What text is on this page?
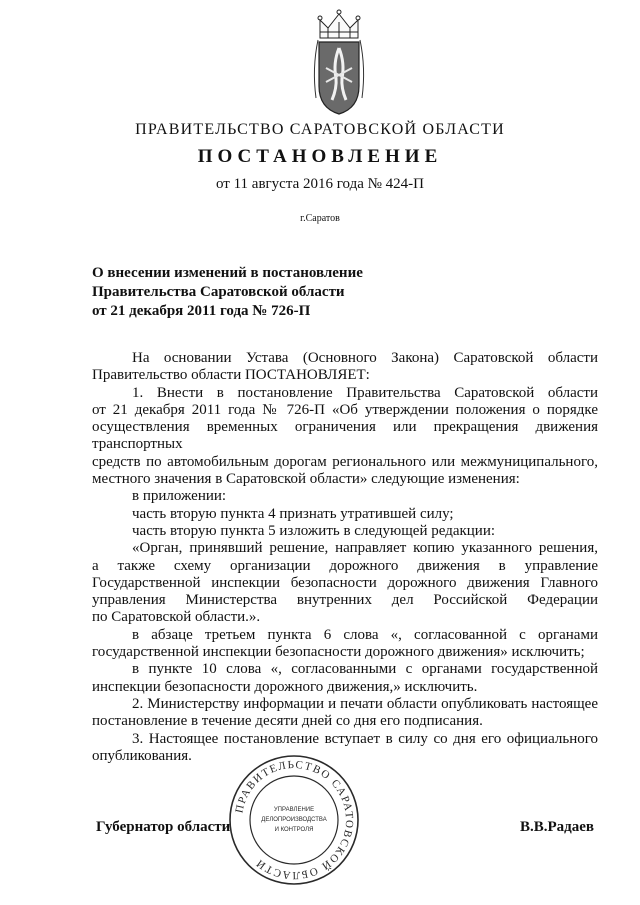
ПРАВИТЕЛЬСТВО САРАТОВСКОЙ ОБЛАСТИ
ПОСТАНОВЛЕНИЕ
от 11 августа 2016 года № 424-П
г.Саратов
О внесении изменений в постановление
Правительства Саратовской области
от 21 декабря 2011 года № 726-П

На основании Устава (Основного Закона) Саратовской области

Правительство области ПОСТАНОВЛЯЕТ:

1. Внести в постановление Правительства Саратовской области

от 21 декабря 2011 года № 726-П «Об утверждении положения о порядке

осуществления временных ограничения или прекращения движения транспортных

средств по автомобильным дорогам регионального или межмуниципального,

местного значения в Саратовской области» следующие изменения:

в приложении:

часть вторую пункта 4 признать утратившей силу;

часть вторую пункта 5 изложить в следующей редакции:

«Орган, принявший решение, направляет копию указанного решения,

а также схему организации дорожного движения в управление

Государственной инспекции безопасности дорожного движения Главного

управления Министерства внутренних дел Российской Федерации

по Саратовской области.».

в абзаце третьем пункта 6 слова «, согласованной с органами

государственной инспекции безопасности дорожного движения» исключить;

в пункте 10 слова «, согласованными с органами государственной

инспекции безопасности дорожного движения,» исключить.

2. Министерству информации и печати области опубликовать настоящее

постановление в течение десяти дней со дня его подписания.

3. Настоящее постановление вступает в силу со дня его официального

опубликования.

Губернатор области	В.В.Радаев
ПРАВИТЕЛЬСТВО САРАТОВСКОЙ ОБЛАСТИ
УПРАВЛЕНИЕ
ДЕЛОПРОИЗВОДСТВА
И КОНТРОЛЯ
